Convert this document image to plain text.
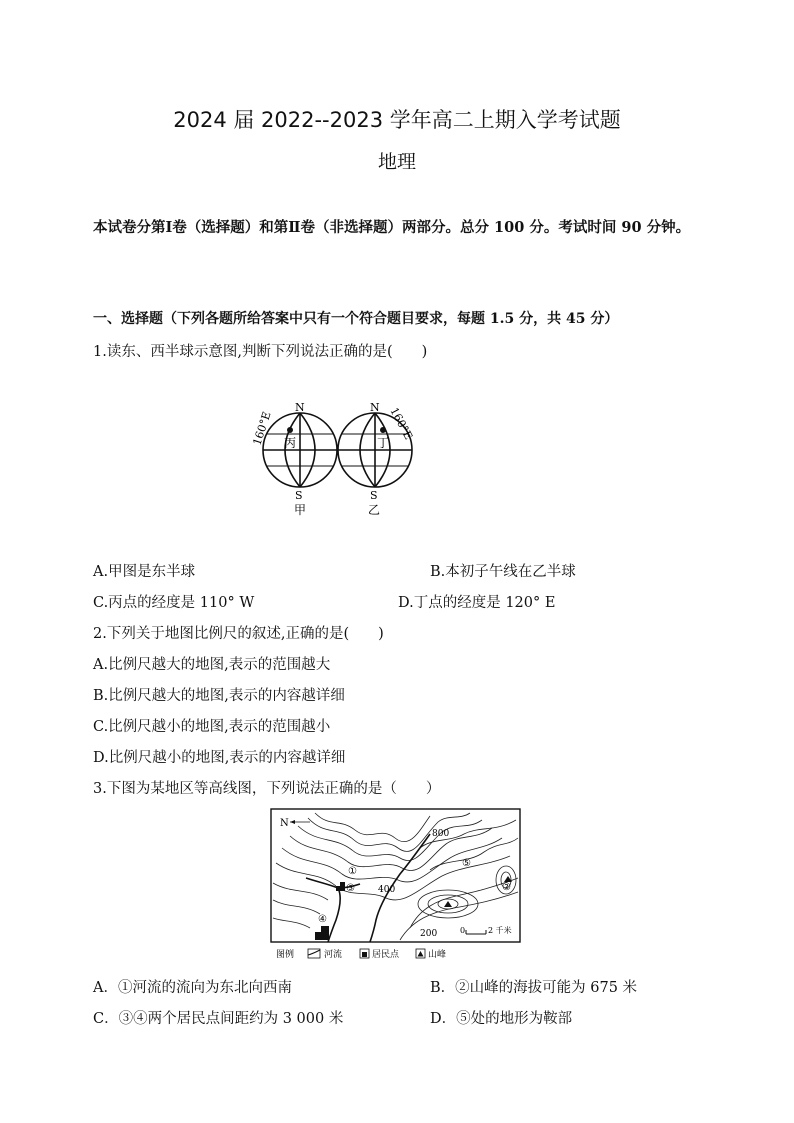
2024 届 2022--2023 学年高二上期入学考试题
地理
本试卷分第Ⅰ卷（选择题）和第Ⅱ卷（非选择题）两部分。总分 100 分。考试时间 90 分钟。
一、选择题（下列各题所给答案中只有一个符合题目要求，每题 1.5 分，共 45 分）
1.读东、西半球示意图,判断下列说法正确的是(　　)
N	N
S	S
丙	丁
甲	乙
160°E	160°E
A.甲图是东半球	B.本初子午线在乙半球
C.丙点的经度是 110° W	D.丁点的经度是 120° E
2.下列关于地图比例尺的叙述,正确的是(　　)
A.比例尺越大的地图,表示的范围越大
B.比例尺越大的地图,表示的内容越详细
C.比例尺越小的地图,表示的范围越小
D.比例尺越小的地图,表示的内容越详细
3.下图为某地区等高线图，下列说法正确的是（　　）
N
800
400
200
①
②
③
④
⑤
0	2 千米
图例	河流	居民点	山峰
A．①河流的流向为东北向西南	B．②山峰的海拔可能为 675 米
C．③④两个居民点间距约为 3 000 米	D．⑤处的地形为鞍部
